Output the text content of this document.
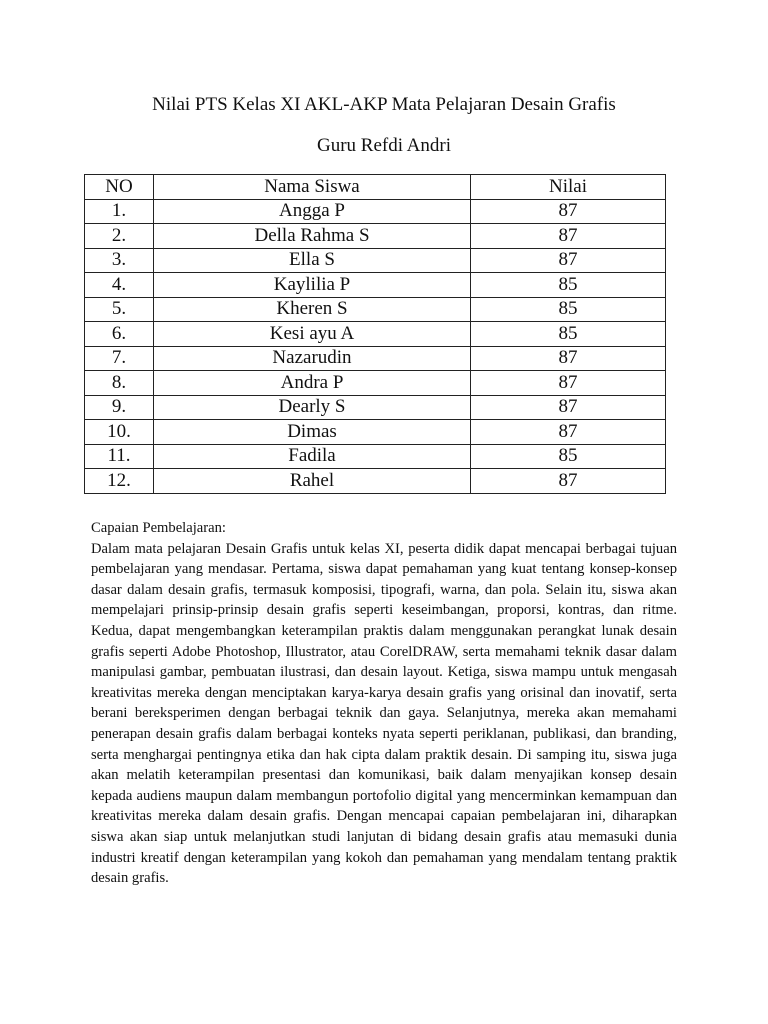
Nilai PTS Kelas XI AKL-AKP Mata Pelajaran Desain Grafis
Guru Refdi Andri
NO	Nama Siswa	Nilai
1.	Angga P	87
2.	Della Rahma S	87
3.	Ella S	87
4.	Kaylilia P	85
5.	Kheren S	85
6.	Kesi ayu A	85
7.	Nazarudin	87
8.	Andra P	87
9.	Dearly S	87
10.	Dimas	87
11.	Fadila	85
12.	Rahel	87
Capaian Pembelajaran:
Dalam mata pelajaran Desain Grafis untuk kelas XI, peserta didik dapat mencapai berbagai tujuan pembelajaran yang mendasar. Pertama, siswa dapat pemahaman yang kuat tentang konsep-konsep dasar dalam desain grafis, termasuk komposisi, tipografi, warna, dan pola. Selain itu, siswa akan mempelajari prinsip-prinsip desain grafis seperti keseimbangan, proporsi, kontras, dan ritme. Kedua, dapat mengembangkan keterampilan praktis dalam menggunakan perangkat lunak desain grafis seperti Adobe Photoshop, Illustrator, atau CorelDRAW, serta memahami teknik dasar dalam manipulasi gambar, pembuatan ilustrasi, dan desain layout. Ketiga, siswa mampu untuk mengasah kreativitas mereka dengan menciptakan karya-karya desain grafis yang orisinal dan inovatif, serta berani bereksperimen dengan berbagai teknik dan gaya. Selanjutnya, mereka akan memahami penerapan desain grafis dalam berbagai konteks nyata seperti periklanan, publikasi, dan branding, serta menghargai pentingnya etika dan hak cipta dalam praktik desain. Di samping itu, siswa juga akan melatih keterampilan presentasi dan komunikasi, baik dalam menyajikan konsep desain kepada audiens maupun dalam membangun portofolio digital yang mencerminkan kemampuan dan kreativitas mereka dalam desain grafis. Dengan mencapai capaian pembelajaran ini, diharapkan siswa akan siap untuk melanjutkan studi lanjutan di bidang desain grafis atau memasuki dunia industri kreatif dengan keterampilan yang kokoh dan pemahaman yang mendalam tentang praktik desain grafis.
